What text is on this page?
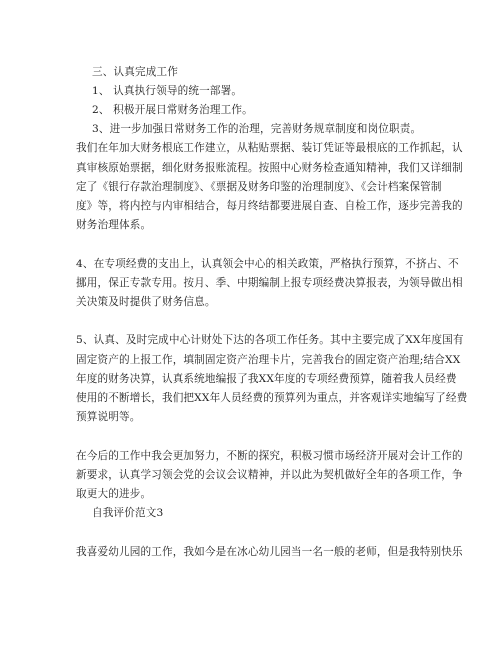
三、认真完成工作
1、 认真执行领导的统一部署。
2、 积极开展日常财务治理工作。
3、进一步加强日常财务工作的治理，完善财务规章制度和岗位职责。
我们在年加大财务根底工作建立，从粘贴票据、装订凭证等最根底的工作抓起，认
真审核原始票据，细化财务报账流程。按照中心财务检查通知精神，我们又详细制
定了《银行存款治理制度》、《票据及财务印鉴的治理制度》、《会计档案保管制
度》等，将内控与内审相结合，每月终结都要进展自查、自检工作，逐步完善我的
财务治理体系。
4、在专项经费的支出上，认真领会中心的相关政策，严格执行预算，不挤占、不
挪用，保正专款专用。按月、季、中期编制上报专项经费决算报表，为领导做出相
关决策及时提供了财务信息。
5、认真、及时完成中心计财处下达的各项工作任务。其中主要完成了XX年度国有
固定资产的上报工作，填制固定资产治理卡片，完善我台的固定资产治理;结合XX
年度的财务决算，认真系统地编报了我XX年度的专项经费预算，随着我人员经费
使用的不断增长，我们把XX年人员经费的预算列为重点，并客观详实地编写了经费
预算说明等。
在今后的工作中我会更加努力，不断的探究，积极习惯市场经济开展对会计工作的
新要求，认真学习领会党的会议会议精神，并以此为契机做好全年的各项工作，争
取更大的进步。
自我评价范文3
我喜爱幼儿园的工作，我如今是在冰心幼儿园当一名一般的老师，但是我特别快乐
